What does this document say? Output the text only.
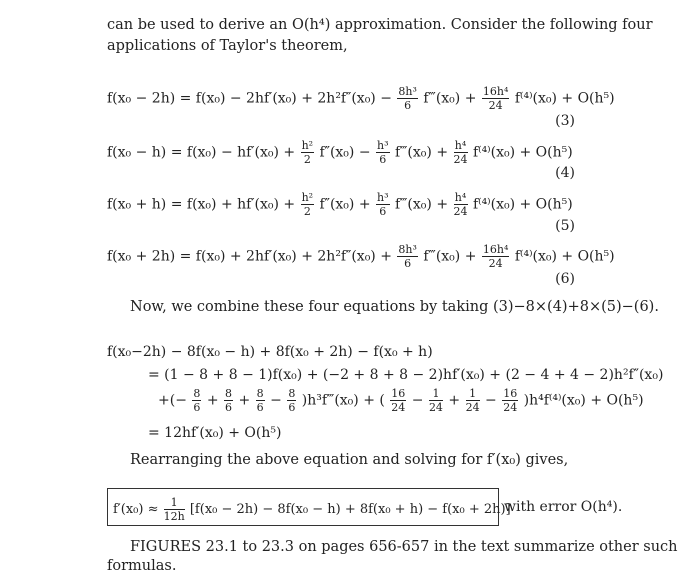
can be used to derive an O(h⁴) approximation. Consider the following four
applications of Taylor's theorem,
$f(x_0 - 2h) = f(x_0) - 2hf'(x_0) + 2h^2f''(x_0) - \frac{\text{8h³}}{6}$ f‴(x₀) + $\frac{\text{16h⁴}}{24} f^{(4)}(x_0) + O(h^5)$
(3)
$f(x_0 - h) = f(x_0) - hf'(x_0) + \frac{\text{h²}}{2} f''(x_0) - \frac{\text{h³}}{6}$ f‴(x₀) + $\frac{\text{h⁴}}{24} f^{(4)}(x_0) + O(h^5)$
(4)
$f(x_0 + h) = f(x_0) + hf'(x_0) + \frac{\text{h²}}{2} f''(x_0) + \frac{\text{h³}}{6}$ f‴(x₀) + $\frac{\text{h⁴}}{24} f^{(4)}(x_0) + O(h^5)$
(5)
$f(x_0 + 2h) = f(x_0) + 2hf'(x_0) + 2h^2f''(x_0) + \frac{\text{8h³}}{6}$ f‴(x₀) + $\frac{\text{16h⁴}}{24} f^{(4)}(x_0) + O(h^5)$
(6)
Now, we combine these four equations by taking (3)−8×(4)+8×(5)−(6).
f(x₀−2h) − 8f(x₀ − h) + 8f(x₀ + 2h) − f(x₀ + h)
= (1 − 8 + 8 − 1)f(x₀) + (−2 + 8 + 8 − 2)hf′(x₀) + (2 − 4 + 4 − 2)h²f″(x₀)
+(− $\frac{8}{6} + \frac{8}{6} + \frac{8}{6} - \frac{8}{6}$ )h³f‴(x₀) + ( $\frac{16}{24} - \frac{1}{24} + \frac{1}{24} - \frac{16}{24} )h^4f^{(4)}(x_0) + O(h^5)$
= 12hf′(x₀) + O(h⁵)
Rearranging the above equation and solving for f′(x₀) gives,
$f'(x_0) \approx \frac{1}{12h} [f(x_0 - 2h) - 8f(x_0 - h) + 8f(x_0 + h) - f(x_0 + 2h)]$
with error O(h⁴).
FIGURES 23.1 to 23.3 on pages 656-657 in the text summarize other such
formulas.
